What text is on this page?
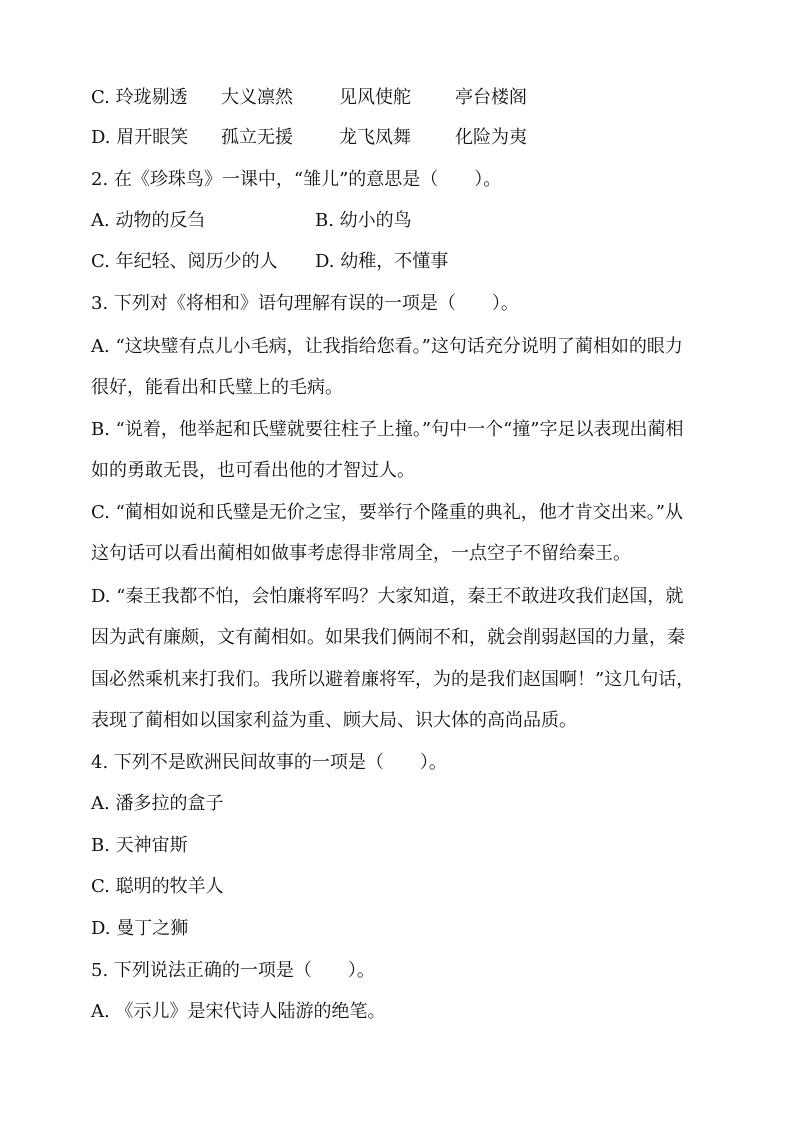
C. 玲珑剔透 大义凛然	见风使舵 亭台楼阁
D. 眉开眼笑 孤立无援	龙飞凤舞 化险为夷
2. 在《珍珠鸟》一课中，“雏儿”的意思是（　　）。
A. 动物的反刍	B. 幼小的鸟
C. 年纪轻、阅历少的人 D. 幼稚，不懂事
3. 下列对《将相和》语句理解有误的一项是（　　）。
A. “这块璧有点儿小毛病，让我指给您看。”这句话充分说明了蔺相如的眼力
很好，能看出和氏璧上的毛病。
B. “说着，他举起和氏璧就要往柱子上撞。”句中一个“撞”字足以表现出蔺相
如的勇敢无畏，也可看出他的才智过人。
C. “蔺相如说和氏璧是无价之宝，要举行个隆重的典礼，他才肯交出来。”从
这句话可以看出蔺相如做事考虑得非常周全，一点空子不留给秦王。
D. “秦王我都不怕，会怕廉将军吗？大家知道，秦王不敢进攻我们赵国，就
因为武有廉颇，文有蔺相如。如果我们俩闹不和，就会削弱赵国的力量，秦
国必然乘机来打我们。我所以避着廉将军，为的是我们赵国啊！”这几句话，
表现了蔺相如以国家利益为重、顾大局、识大体的高尚品质。
4. 下列不是欧洲民间故事的一项是（　　）。
A. 潘多拉的盒子
B. 天神宙斯
C. 聪明的牧羊人
D. 曼丁之狮
5. 下列说法正确的一项是（　　）。
A. 《示儿》是宋代诗人陆游的绝笔。
